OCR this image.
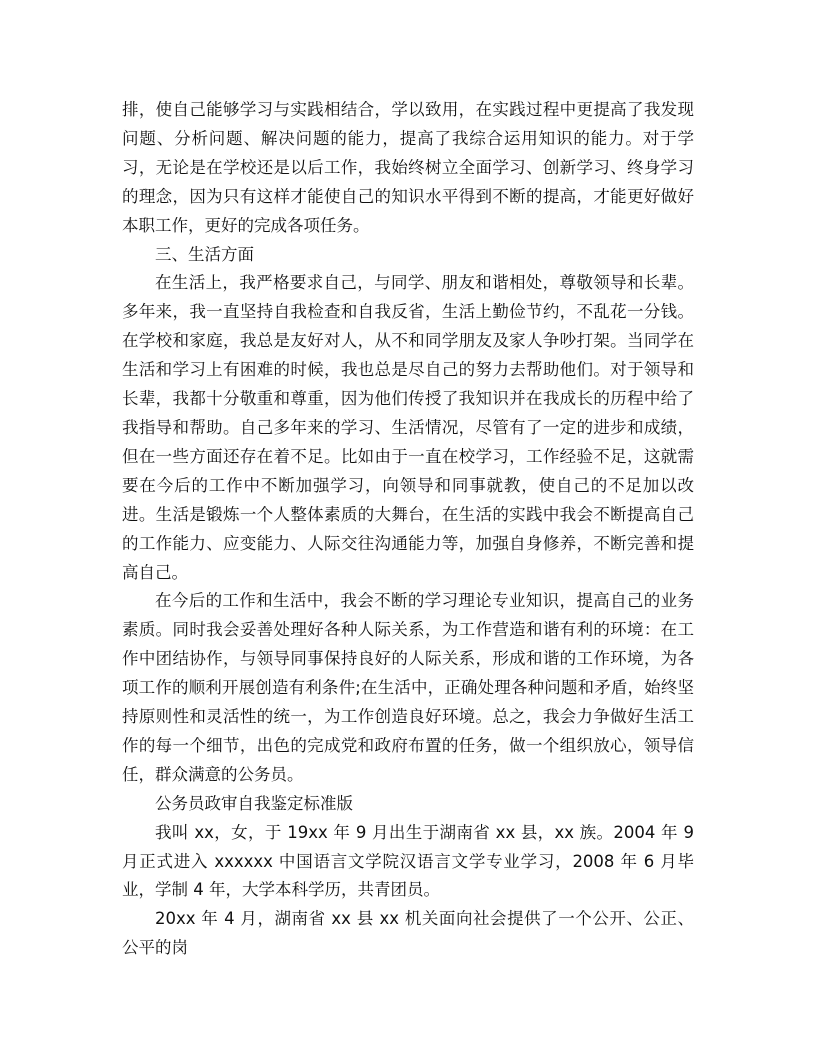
排，使自己能够学习与实践相结合，学以致用，在实践过程中更提高了我发现问题、分析问题、解决问题的能力，提高了我综合运用知识的能力。对于学习，无论是在学校还是以后工作，我始终树立全面学习、创新学习、终身学习的理念，因为只有这样才能使自己的知识水平得到不断的提高，才能更好做好本职工作，更好的完成各项任务。

三、生活方面

在生活上，我严格要求自己，与同学、朋友和谐相处，尊敬领导和长辈。多年来，我一直坚持自我检查和自我反省，生活上勤俭节约，不乱花一分钱。在学校和家庭，我总是友好对人，从不和同学朋友及家人争吵打架。当同学在生活和学习上有困难的时候，我也总是尽自己的努力去帮助他们。对于领导和长辈，我都十分敬重和尊重，因为他们传授了我知识并在我成长的历程中给了我指导和帮助。自己多年来的学习、生活情况，尽管有了一定的进步和成绩，但在一些方面还存在着不足。比如由于一直在校学习，工作经验不足，这就需要在今后的工作中不断加强学习，向领导和同事就教，使自己的不足加以改进。生活是锻炼一个人整体素质的大舞台，在生活的实践中我会不断提高自己的工作能力、应变能力、人际交往沟通能力等，加强自身修养，不断完善和提高自己。

在今后的工作和生活中，我会不断的学习理论专业知识，提高自己的业务素质。同时我会妥善处理好各种人际关系，为工作营造和谐有利的环境：在工作中团结协作，与领导同事保持良好的人际关系，形成和谐的工作环境，为各项工作的顺利开展创造有利条件;在生活中，正确处理各种问题和矛盾，始终坚持原则性和灵活性的统一，为工作创造良好环境。总之，我会力争做好生活工作的每一个细节，出色的完成党和政府布置的任务，做一个组织放心，领导信任，群众满意的公务员。

公务员政审自我鉴定标准版

我叫 xx，女，于 19xx 年 9 月出生于湖南省 xx 县，xx 族。2004 年 9 月正式进入 xxxxxx 中国语言文学院汉语言文学专业学习，2008 年 6 月毕业，学制 4 年，大学本科学历，共青团员。

20xx 年 4 月，湖南省 xx 县 xx 机关面向社会提供了一个公开、公正、公平的岗
